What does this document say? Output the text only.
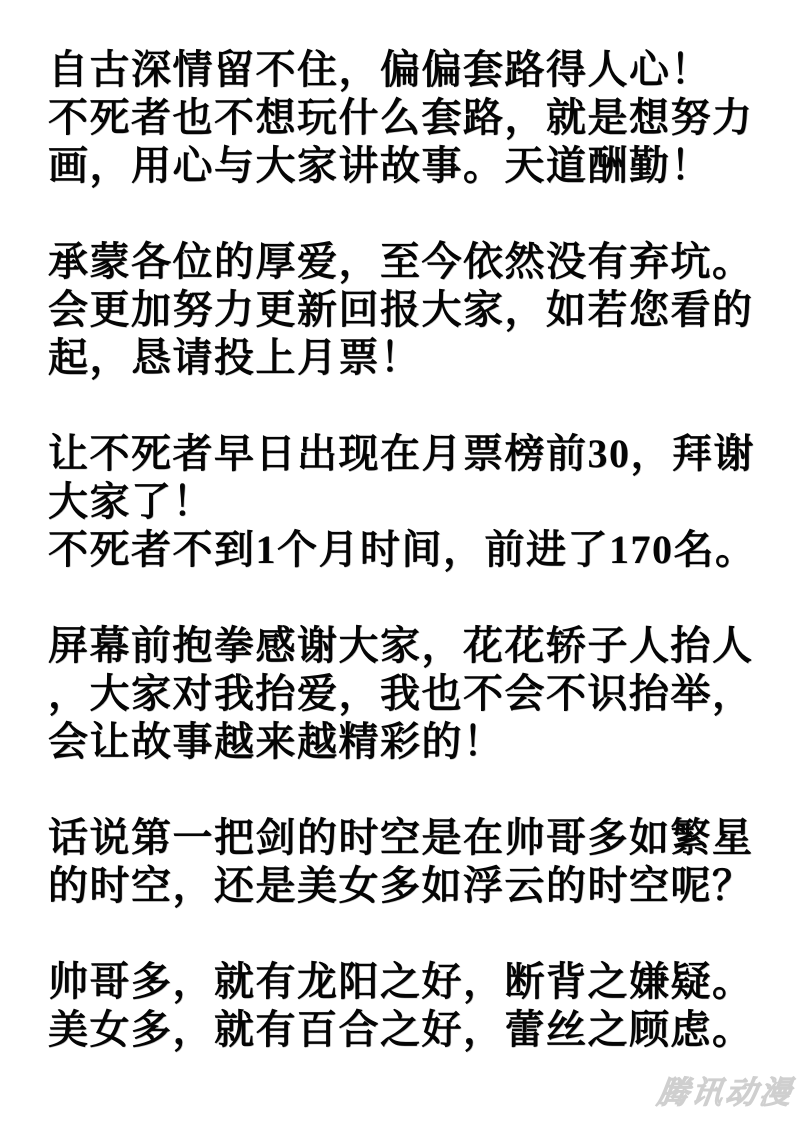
自古深情留不住，偏偏套路得人心！
不死者也不想玩什么套路，就是想努力
画，用心与大家讲故事。天道酬勤！
承蒙各位的厚爱，至今依然没有弃坑。
会更加努力更新回报大家，如若您看的
起，恳请投上月票！
让不死者早日出现在月票榜前30，拜谢
大家了！
不死者不到1个月时间，前进了170名。
屏幕前抱拳感谢大家，花花轿子人抬人
，大家对我抬爱，我也不会不识抬举，
会让故事越来越精彩的！
话说第一把剑的时空是在帅哥多如繁星
的时空，还是美女多如浮云的时空呢？
帅哥多，就有龙阳之好，断背之嫌疑。
美女多，就有百合之好，蕾丝之顾虑。
腾讯动漫
